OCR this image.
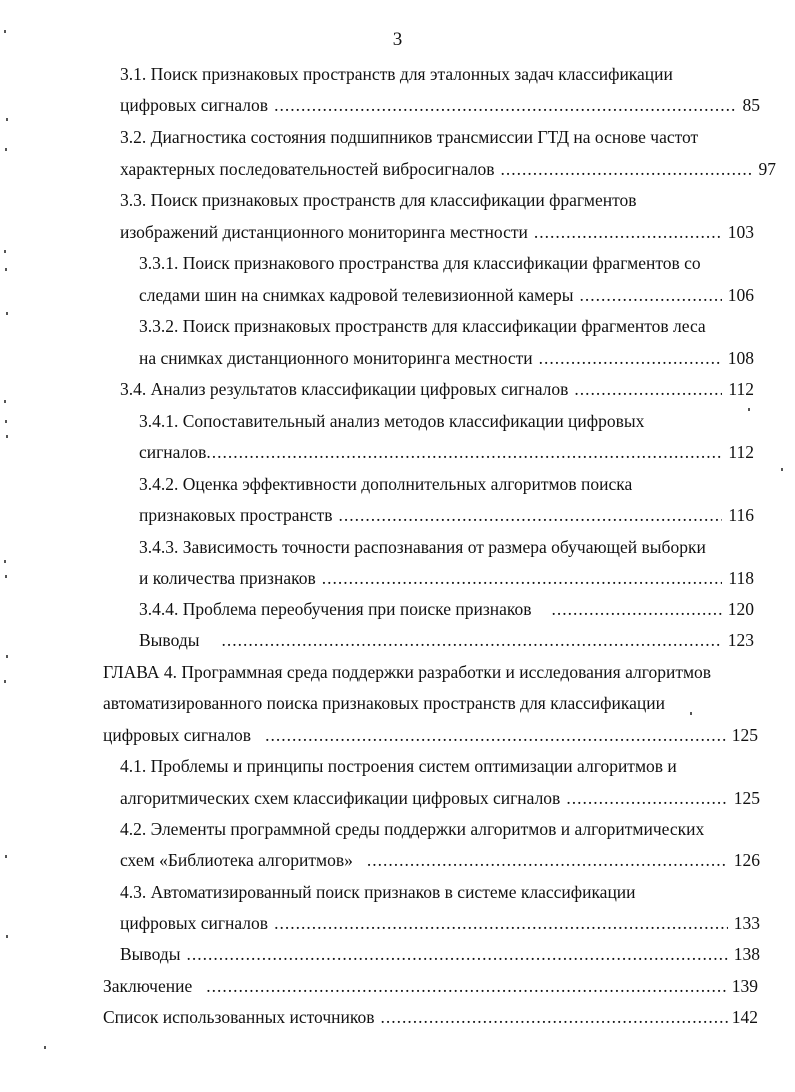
3
3.1. Поиск признаковых пространств для эталонных задач классификации
цифровых сигналов .....	85
3.2. Диагностика состояния подшипников трансмиссии ГТД на основе частот
характерных последовательностей вибросигналов .....	97
3.3. Поиск признаковых пространств для классификации фрагментов
изображений дистанционного мониторинга местности .....	103
3.3.1. Поиск признакового пространства для классификации фрагментов со
следами шин на снимках кадровой телевизионной камеры .....	106
3.3.2. Поиск признаковых пространств для классификации фрагментов леса
на снимках дистанционного мониторинга местности .....	108
3.4. Анализ результатов классификации цифровых сигналов .....	112
3.4.1. Сопоставительный анализ методов классификации цифровых
сигналов .....	112
3.4.2. Оценка эффективности дополнительных алгоритмов поиска
признаковых пространств .....	116
3.4.3. Зависимость точности распознавания от размера обучающей выборки
и количества признаков .....	118
3.4.4. Проблема переобучения при поиске признаков .....	120
Выводы .....	123
ГЛАВА 4. Программная среда поддержки разработки и исследования алгоритмов
автоматизированного поиска признаковых пространств для классификации
цифровых сигналов .....	125
4.1. Проблемы и принципы построения систем оптимизации алгоритмов и
алгоритмических схем классификации цифровых сигналов .....	125
4.2. Элементы программной среды поддержки алгоритмов и алгоритмических
схем «Библиотека алгоритмов» .....	126
4.3. Автоматизированный поиск признаков в системе классификации
цифровых сигналов .....	133
Выводы .....	138
Заключение .....	139
Список использованных источников .....	142
